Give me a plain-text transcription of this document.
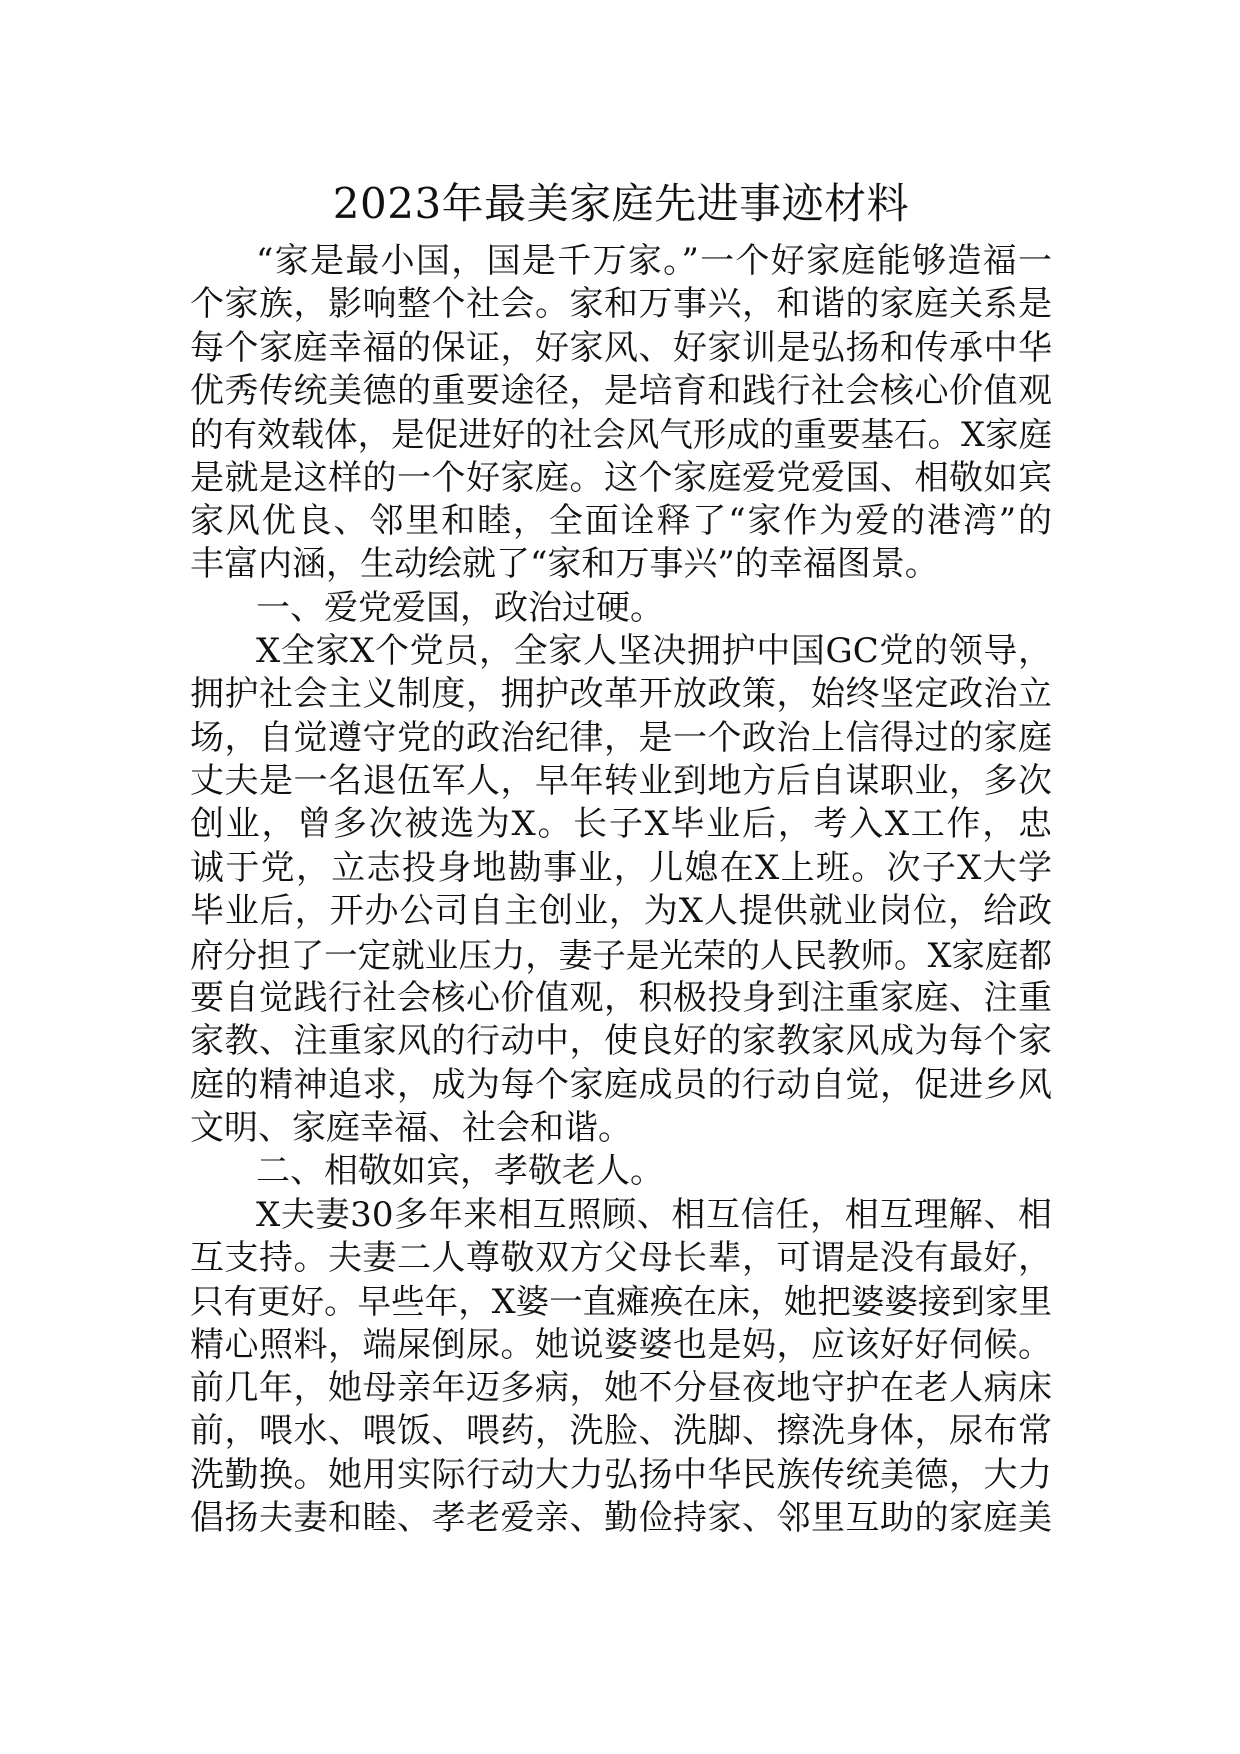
2023年最美家庭先进事迹材料
“家是最小国，国是千万家。”一个好家庭能够造福一
个家族，影响整个社会。家和万事兴，和谐的家庭关系是
每个家庭幸福的保证，好家风、好家训是弘扬和传承中华
优秀传统美德的重要途径，是培育和践行社会核心价值观
的有效载体，是促进好的社会风气形成的重要基石。X家庭
是就是这样的一个好家庭。这个家庭爱党爱国、相敬如宾
家风优良、邻里和睦，全面诠释了“家作为爱的港湾”的
丰富内涵，生动绘就了“家和万事兴”的幸福图景。
一、爱党爱国，政治过硬。
X全家X个党员，全家人坚决拥护中国GC党的领导，
拥护社会主义制度，拥护改革开放政策，始终坚定政治立
场，自觉遵守党的政治纪律，是一个政治上信得过的家庭
丈夫是一名退伍军人，早年转业到地方后自谋职业，多次
创业，曾多次被选为X。长子X毕业后，考入X工作，忠
诚于党，立志投身地勘事业，儿媳在X上班。次子X大学
毕业后，开办公司自主创业，为X人提供就业岗位，给政
府分担了一定就业压力，妻子是光荣的人民教师。X家庭都
要自觉践行社会核心价值观，积极投身到注重家庭、注重
家教、注重家风的行动中，使良好的家教家风成为每个家
庭的精神追求，成为每个家庭成员的行动自觉，促进乡风
文明、家庭幸福、社会和谐。
二、相敬如宾，孝敬老人。
X夫妻30多年来相互照顾、相互信任，相互理解、相
互支持。夫妻二人尊敬双方父母长辈，可谓是没有最好，
只有更好。早些年，X婆一直瘫痪在床，她把婆婆接到家里
精心照料，端屎倒尿。她说婆婆也是妈，应该好好伺候。
前几年，她母亲年迈多病，她不分昼夜地守护在老人病床
前，喂水、喂饭、喂药，洗脸、洗脚、擦洗身体，尿布常
洗勤换。她用实际行动大力弘扬中华民族传统美德，大力
倡扬夫妻和睦、孝老爱亲、勤俭持家、邻里互助的家庭美
